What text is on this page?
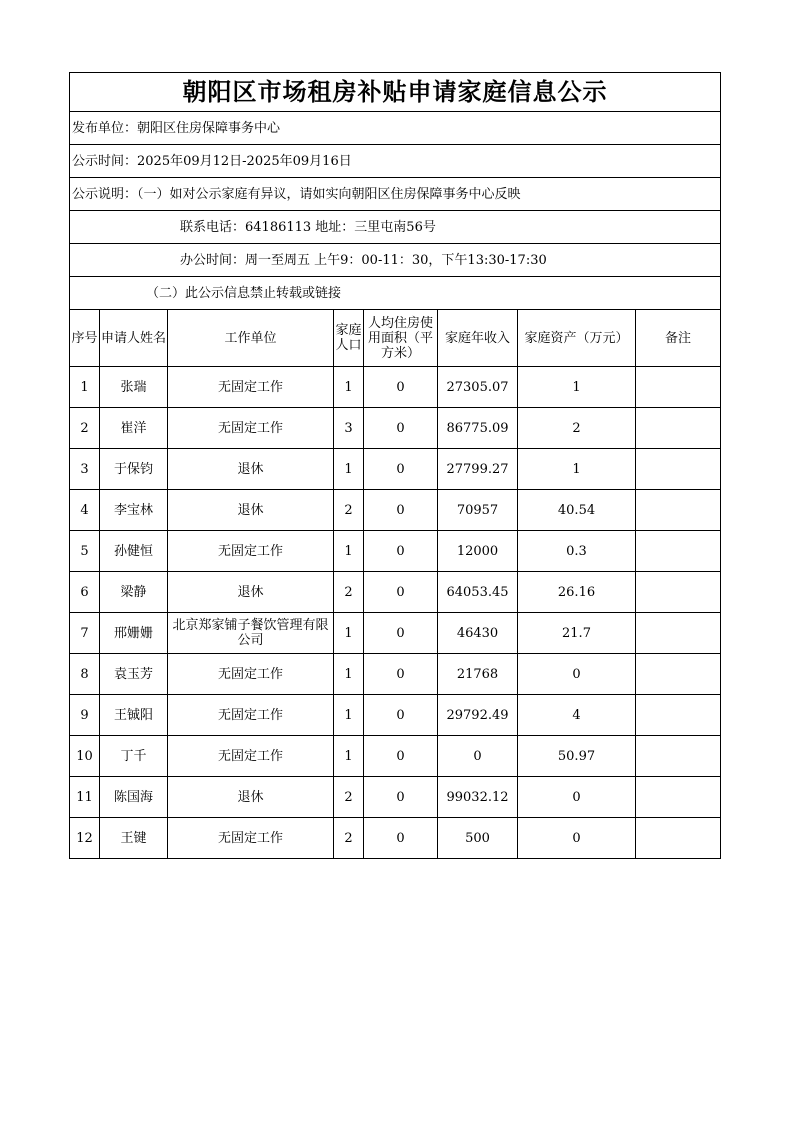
朝阳区市场租房补贴申请家庭信息公示							
发布单位：朝阳区住房保障事务中心							
公示时间：2025年09月12日-2025年09月16日							
公示说明：（一）如对公示家庭有异议，请如实向朝阳区住房保障事务中心反映							
联系电话：64186113 地址：三里屯南56号							
办公时间：周一至周五 上午9：00-11：30，下午13:30-17:30							
（二）此公示信息禁止转载或链接							
序号	申请人姓名	工作单位	家庭人口	人均住房使用面积（平方米）	家庭年收入	家庭资产（万元）	备注
1	张瑞	无固定工作	1	0	27305.07	1	
2	崔洋	无固定工作	3	0	86775.09	2	
3	于保钧	退休	1	0	27799.27	1	
4	李宝林	退休	2	0	70957	40.54	
5	孙健恒	无固定工作	1	0	12000	0.3	
6	梁静	退休	2	0	64053.45	26.16	
7	邢姗姗	北京郑家铺子餐饮管理有限公司	1	0	46430	21.7	
8	袁玉芳	无固定工作	1	0	21768	0	
9	王铖阳	无固定工作	1	0	29792.49	4	
10	丁千	无固定工作	1	0	0	50.97	
11	陈国海	退休	2	0	99032.12	0	
12	王键	无固定工作	2	0	500	0	
